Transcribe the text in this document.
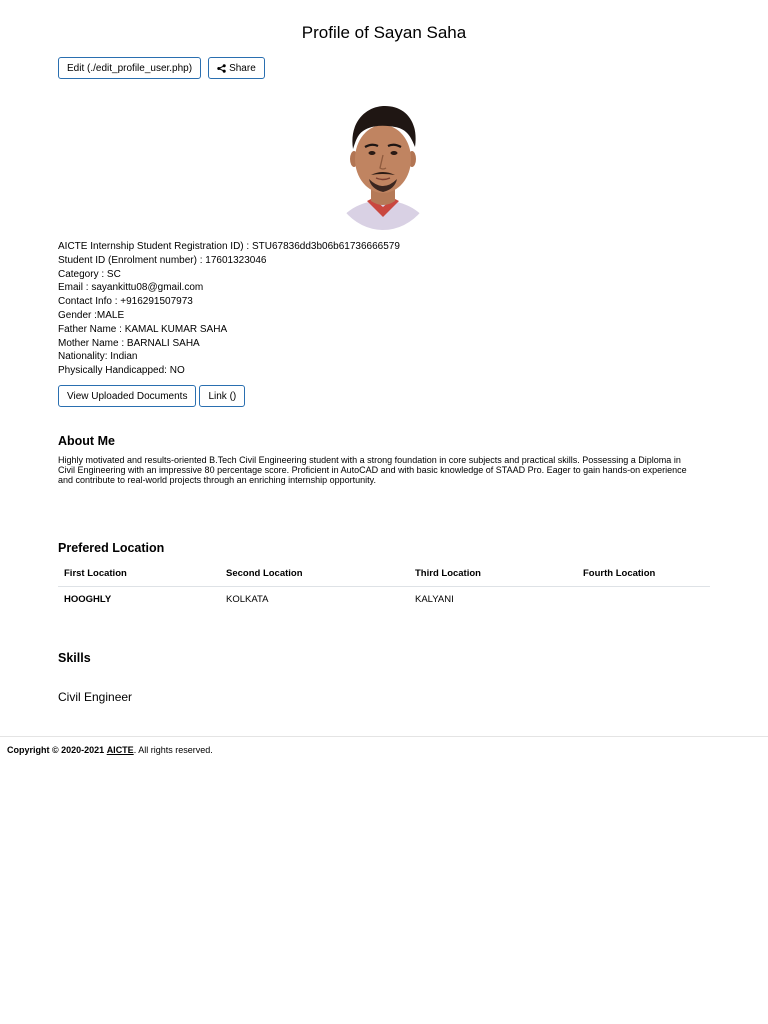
Profile of Sayan Saha
Edit (./edit_profile_user.php)	Share
AICTE Internship Student Registration ID) : STU67836dd3b06b61736666579
Student ID (Enrolment number) : 17601323046
Category : SC
Email : sayankittu08@gmail.com
Contact Info : +916291507973
Gender :MALE
Father Name : KAMAL KUMAR SAHA
Mother Name : BARNALI SAHA
Nationality: Indian
Physically Handicapped: NO
View Uploaded Documents	Link ()
About Me

Highly motivated and results-oriented B.Tech Civil Engineering student with a strong foundation in core subjects and practical skills. Possessing a Diploma in Civil Engineering with an impressive 80 percentage score. Proficient in AutoCAD and with basic knowledge of STAAD Pro. Eager to gain hands-on experience and contribute to real-world projects through an enriching internship opportunity.

Prefered Location
First Location	Second Location	Third Location	Fourth Location
HOOGHLY	KOLKATA	KALYANI	
Skills
Civil Engineer
Copyright © 2020-2021 AICTE. All rights reserved.
